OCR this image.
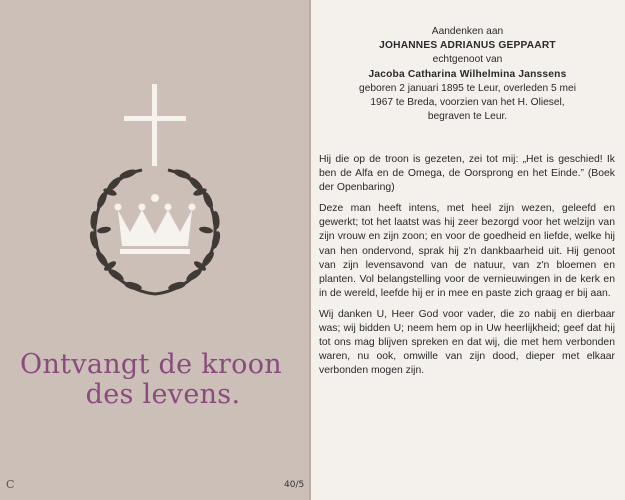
Ontvangt de kroon
des levens.
C	40/5
Aandenken aan
JOHANNES ADRIANUS GEPPAART
echtgenoot van
Jacoba Catharina Wilhelmina Janssens
geboren 2 januari 1895 te Leur, overleden 5 mei
1967 te Breda, voorzien van het H. Oliesel,
begraven te Leur.

Hij die op de troon is gezeten, zei tot mij: „Het is geschied! Ik ben de Alfa en de Omega, de Oorsprong en het Einde.” (Boek der Openbaring)

Deze man heeft intens, met heel zijn wezen, geleefd en gewerkt; tot het laatst was hij zeer bezorgd voor het welzijn van zijn vrouw en zijn zoon; en voor de goedheid en liefde, welke hij van hen ondervond, sprak hij z'n dankbaarheid uit. Hij genoot van zijn levensavond van de natuur, van z'n bloemen en planten. Vol belangstelling voor de vernieuwingen in de kerk en in de wereld, leefde hij er in mee en paste zich graag er bij aan.

Wij danken U, Heer God voor vader, die zo nabij en dierbaar was; wij bidden U; neem hem op in Uw heerlijkheid; geef dat hij tot ons mag blijven spreken en dat wij, die met hem verbonden waren, nu ook, omwille van zijn dood, dieper met elkaar verbonden mogen zijn.
